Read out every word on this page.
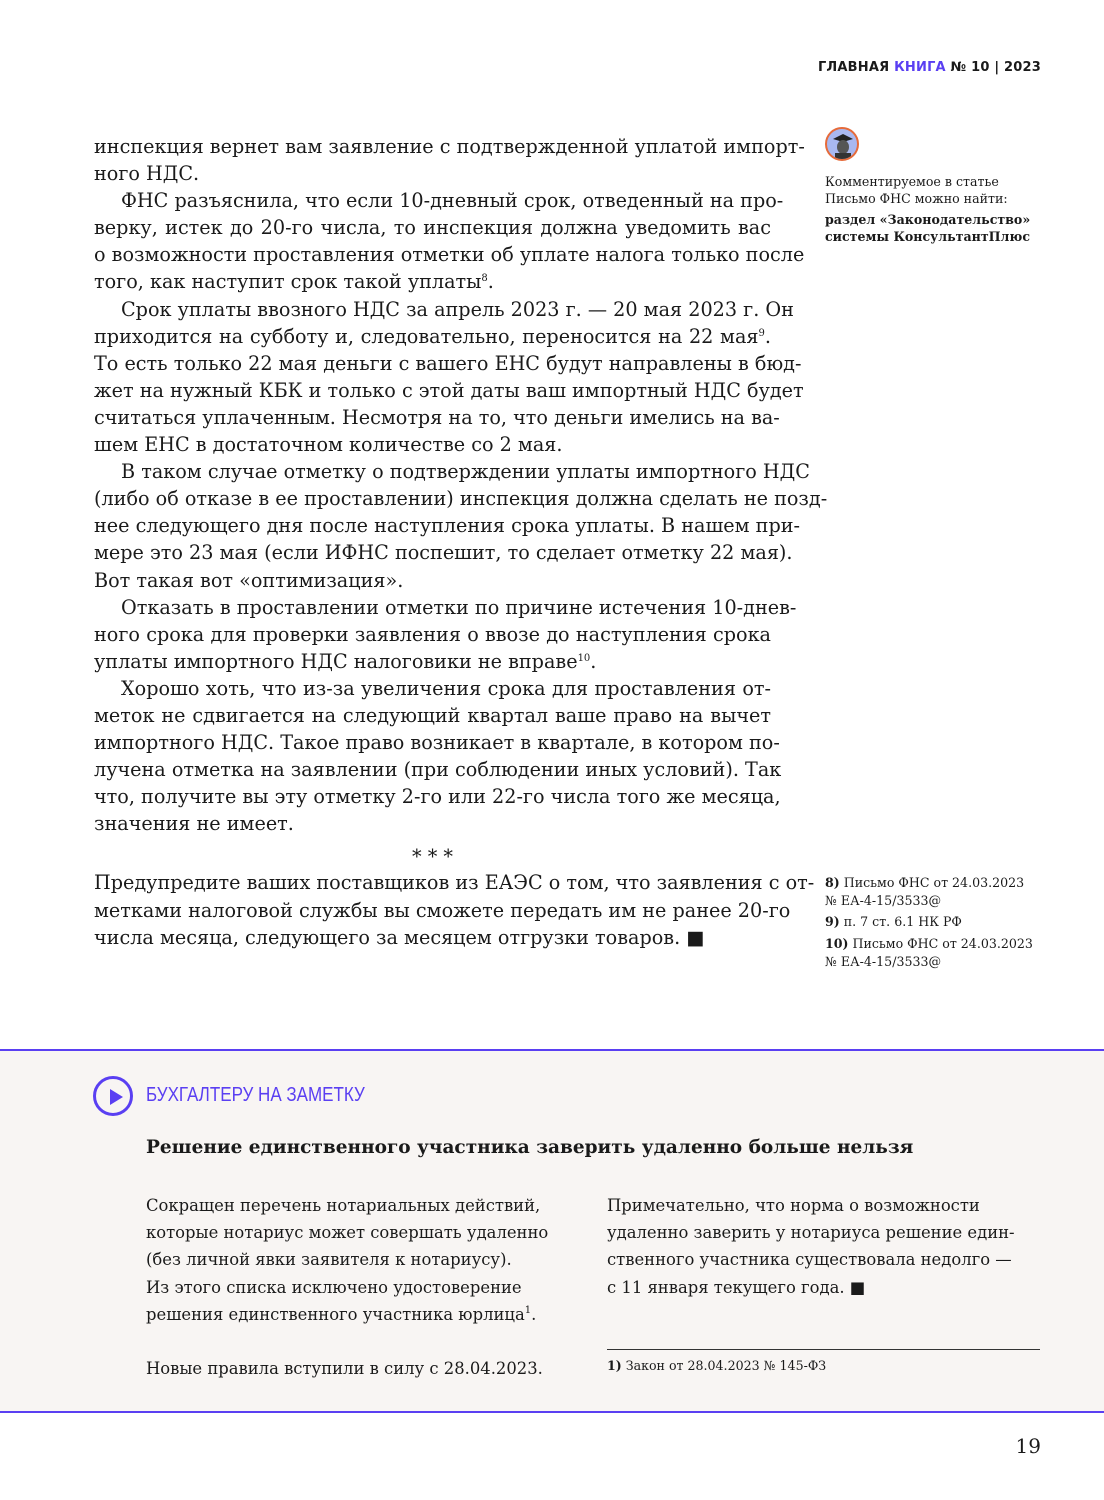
ГЛАВНАЯ КНИГА № 10 | 2023
инспекция вернет вам заявление с подтвержденной уплатой импорт-
ного НДС.
ФНС разъяснила, что если 10-дневный срок, отведенный на про-
верку, истек до 20-го числа, то инспекция должна уведомить вас
о возможности проставления отметки об уплате налога только после
того, как наступит срок такой уплаты$^8$.
Срок уплаты ввозного НДС за апрель 2023 г. — 20 мая 2023 г. Он
приходится на субботу и, следовательно, переносится на 22 мая$^9$.
То есть только 22 мая деньги с вашего ЕНС будут направлены в бюд-
жет на нужный КБК и только с этой даты ваш импортный НДС будет
считаться уплаченным. Несмотря на то, что деньги имелись на ва-
шем ЕНС в достаточном количестве со 2 мая.
В таком случае отметку о подтверждении уплаты импортного НДС
(либо об отказе в ее проставлении) инспекция должна сделать не позд-
нее следующего дня после наступления срока уплаты. В нашем при-
мере это 23 мая (если ИФНС поспешит, то сделает отметку 22 мая).
Вот такая вот «оптимизация».
Отказать в проставлении отметки по причине истечения 10-днев-
ного срока для проверки заявления о ввозе до наступления срока
уплаты импортного НДС налоговики не вправе$^{10}$.
Хорошо хоть, что из-за увеличения срока для проставления от-
меток не сдвигается на следующий квартал ваше право на вычет
импортного НДС. Такое право возникает в квартале, в котором по-
лучена отметка на заявлении (при соблюдении иных условий). Так
что, получите вы эту отметку 2-го или 22-го числа того же месяца,
значения не имеет.
* * *
Предупредите ваших поставщиков из ЕАЭС о том, что заявления с от-
метками налоговой службы вы сможете передать им не ранее 20-го
числа месяца, следующего за месяцем отгрузки товаров. ■
Комментируемое в статье
Письмо ФНС можно найти:
раздел «Законодательство»
системы КонсультантПлюс
8) Письмо ФНС от 24.03.2023
№ ЕА-4-15/3533@
9) п. 7 ст. 6.1 НК РФ
10) Письмо ФНС от 24.03.2023
№ ЕА-4-15/3533@
БУХГАЛТЕРУ НА ЗАМЕТКУ
Решение единственного участника заверить удаленно больше нельзя
Сокращен перечень нотариальных действий,
которые нотариус может совершать удаленно
(без личной явки заявителя к нотариусу).
Из этого списка исключено удостоверение
решения единственного участника юрлица$^1$.
Новые правила вступили в силу с 28.04.2023.
Примечательно, что норма о возможности
удаленно заверить у нотариуса решение един-
ственного участника существовала недолго —
с 11 января текущего года. ■
1) Закон от 28.04.2023 № 145-ФЗ
19
